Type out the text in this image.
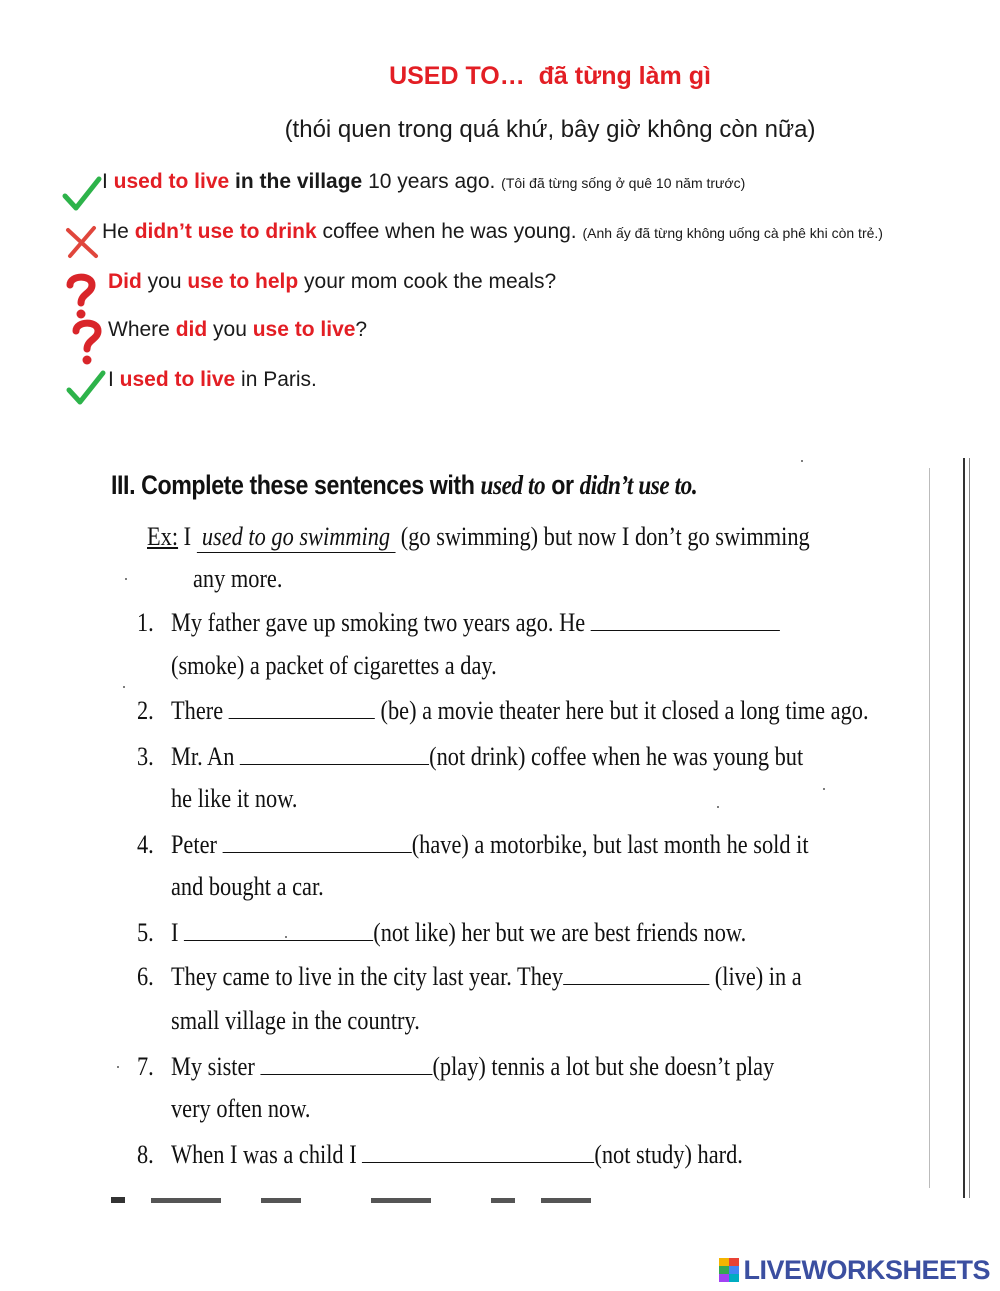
USED TO…  đã từng làm gì
(thói quen trong quá khứ, bây giờ không còn nữa)
I used to live in the village 10 years ago. (Tôi đã từng sống ở quê 10 năm trước)
He didn’t use to drink coffee when he was young. (Anh ấy đã từng không uống cà phê khi còn trẻ.)
Did you use to help your mom cook the meals?
Where did you use to live?
I used to live in Paris.
III. Complete these sentences with used to or didn’t use to.
Ex: I used to go swimming (go swimming) but now I don’t go swimming
any more.
1. My father gave up smoking two years ago. He
(smoke) a packet of cigarettes a day.
2. There	(be) a movie theater here but it closed a long time ago.
3. Mr. An	(not drink) coffee when he was young but
he like it now.
4. Peter	(have) a motorbike, but last month he sold it
and bought a car.
5. I	(not like) her but we are best friends now.
6. They came to live in the city last year. They	(live) in a
small village in the country.
7. My sister	(play) tennis a lot but she doesn’t play
very often now.
8. When I was a child I	(not study) hard.
LIVEWORKSHEETS
